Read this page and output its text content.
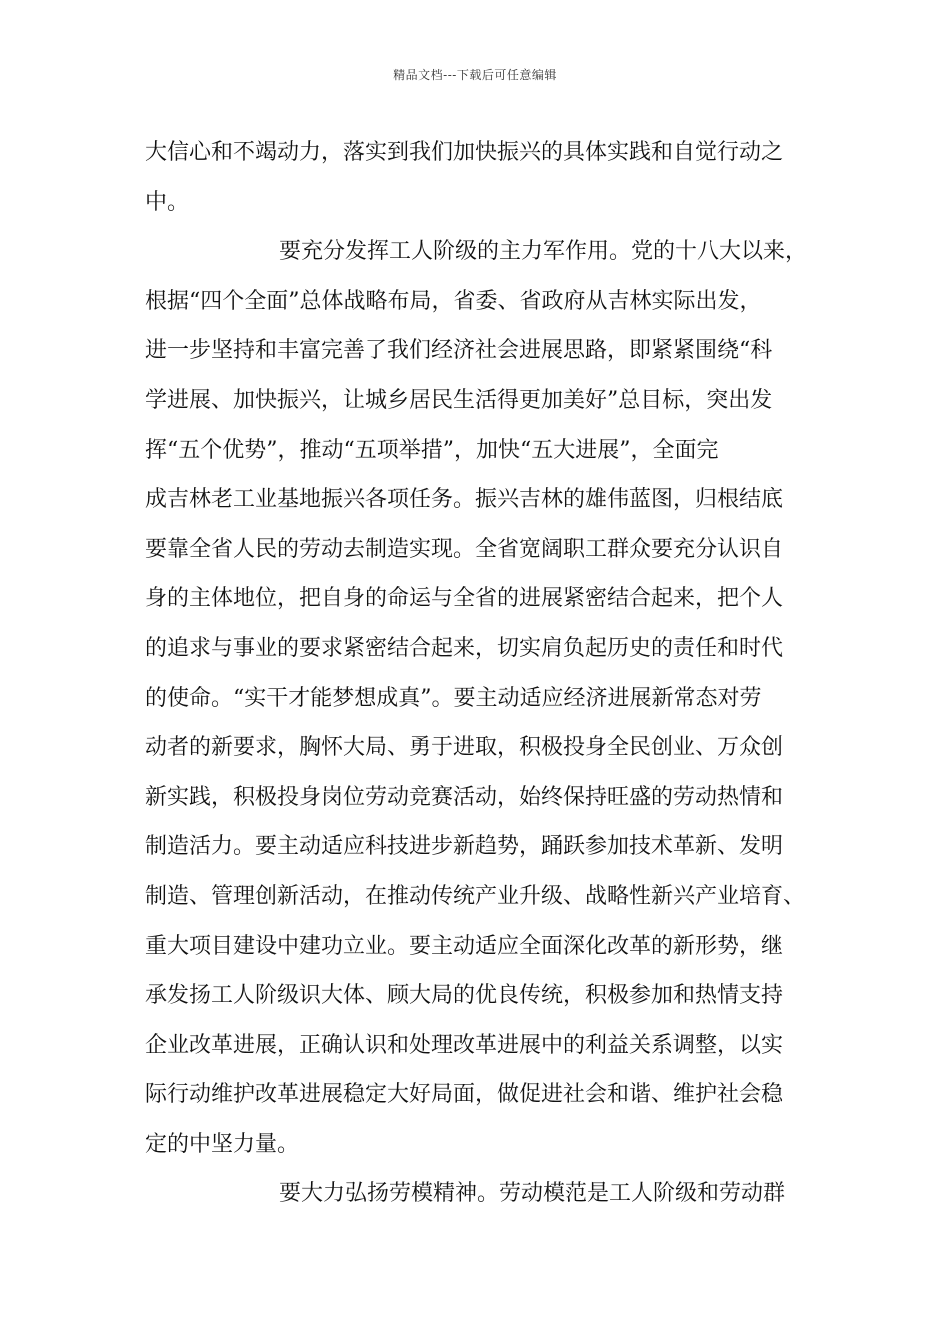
精品文档---下载后可任意编辑
大信心和不竭动力，落实到我们加快振兴的具体实践和自觉行动之
中。
要充分发挥工人阶级的主力军作用。党的十八大以来，
根据“四个全面”总体战略布局，省委、省政府从吉林实际出发，
进一步坚持和丰富完善了我们经济社会进展思路，即紧紧围绕“科
学进展、加快振兴，让城乡居民生活得更加美好”总目标，突出发
挥“五个优势”，推动“五项举措”，加快“五大进展”，全面完
成吉林老工业基地振兴各项任务。振兴吉林的雄伟蓝图，归根结底
要靠全省人民的劳动去制造实现。全省宽阔职工群众要充分认识自
身的主体地位，把自身的命运与全省的进展紧密结合起来，把个人
的追求与事业的要求紧密结合起来，切实肩负起历史的责任和时代
的使命。“实干才能梦想成真”。要主动适应经济进展新常态对劳
动者的新要求，胸怀大局、勇于进取，积极投身全民创业、万众创
新实践，积极投身岗位劳动竞赛活动，始终保持旺盛的劳动热情和
制造活力。要主动适应科技进步新趋势，踊跃参加技术革新、发明
制造、管理创新活动，在推动传统产业升级、战略性新兴产业培育、
重大项目建设中建功立业。要主动适应全面深化改革的新形势，继
承发扬工人阶级识大体、顾大局的优良传统，积极参加和热情支持
企业改革进展，正确认识和处理改革进展中的利益关系调整，以实
际行动维护改革进展稳定大好局面，做促进社会和谐、维护社会稳
定的中坚力量。
要大力弘扬劳模精神。劳动模范是工人阶级和劳动群
